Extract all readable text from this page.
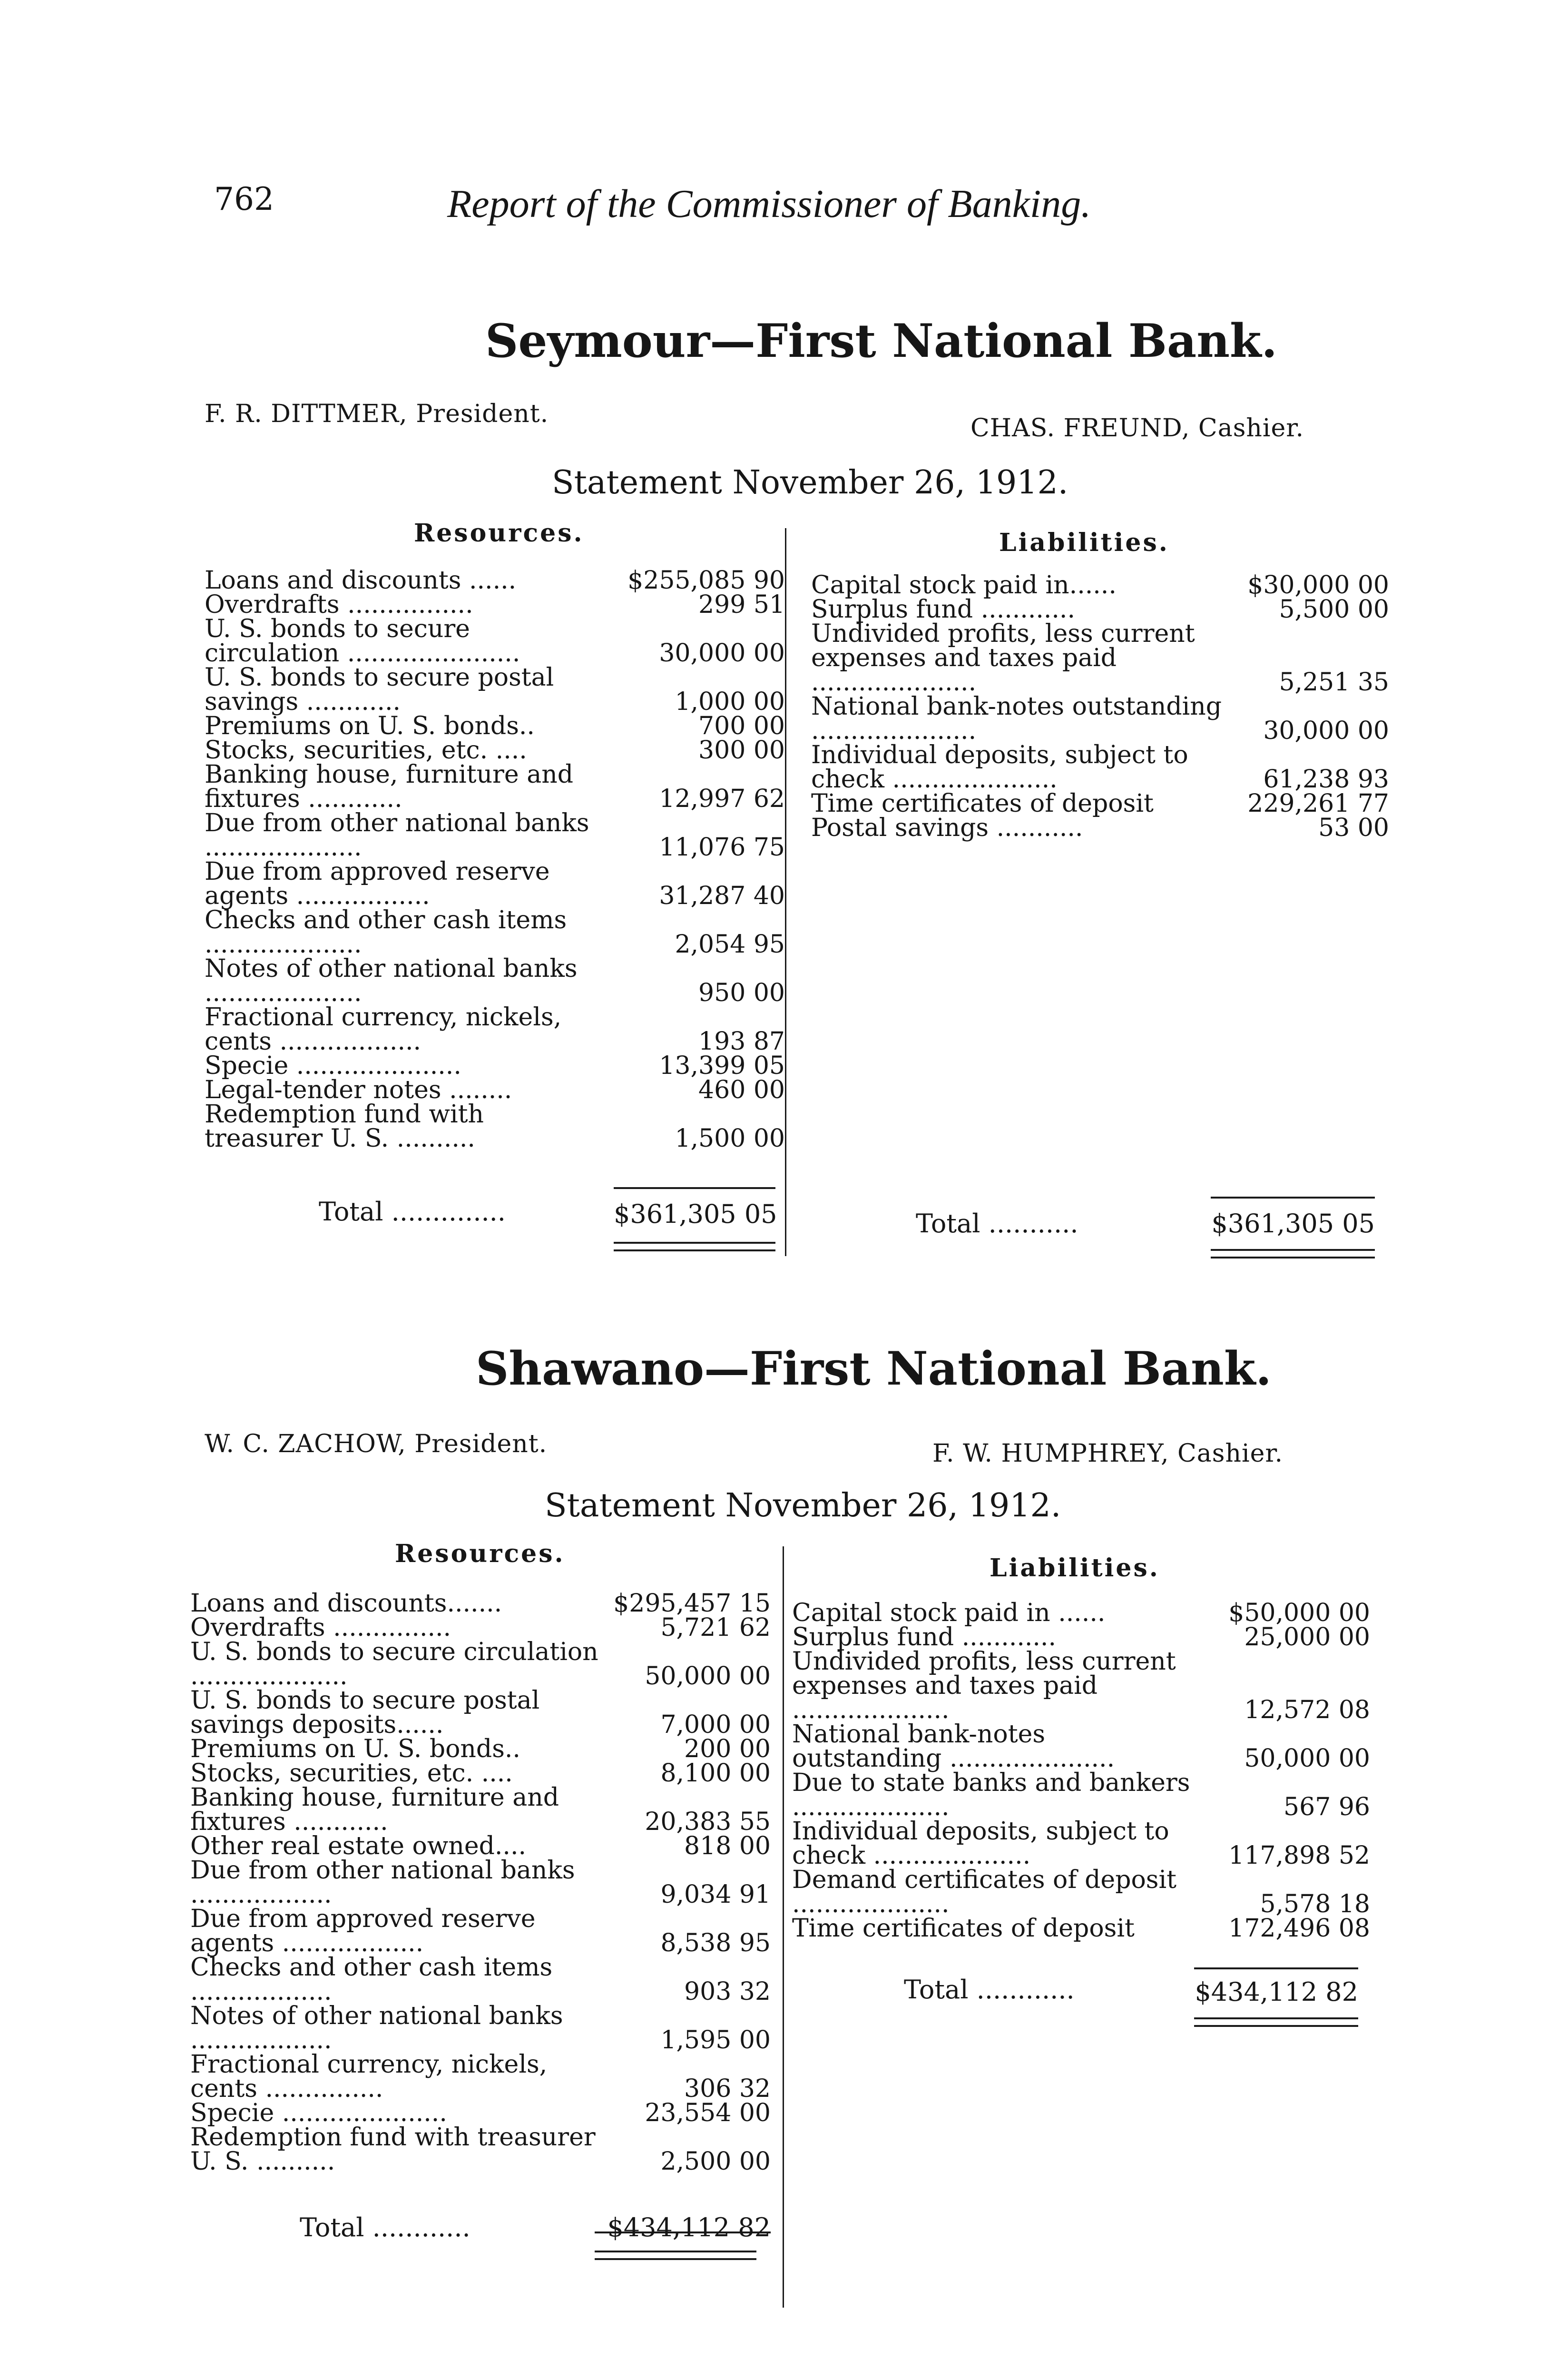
762	Report of the Commissioner of Banking.
Seymour—First National Bank.
F. R. DITTMER, President.	CHAS. FREUND, Cashier.
Statement November 26, 1912.
Resources.	Liabilities.
Loans and discounts ......	$255,085 90
Overdrafts ................	299 51
U. S. bonds to secure circulation ......................	30,000 00
U. S. bonds to secure postal savings ............	1,000 00
Premiums on U. S. bonds..	700 00
Stocks, securities, etc. ....	300 00
Banking house, furniture and fixtures ............	12,997 62
Due from other national banks ....................	11,076 75
Due from approved reserve agents .................	31,287 40
Checks and other cash items ....................	2,054 95
Notes of other national banks ....................	950 00
Fractional currency, nickels, cents ..................	193 87
Specie .....................	13,399 05
Legal-tender notes ........	460 00
Redemption fund with treasurer U. S. ..........	1,500 00
Total ..............	$361,305 05
Capital stock paid in......	$30,000 00
Surplus fund ............	5,500 00
Undivided profits, less current expenses and taxes paid .....................	5,251 35
National bank-notes outstanding .....................	30,000 00
Individual deposits, subject to check .....................	61,238 93
Time certificates of deposit	229,261 77
Postal savings ...........	53 00
Total ...........	$361,305 05
Shawano—First National Bank.
W. C. ZACHOW, President.	F. W. HUMPHREY, Cashier.
Statement November 26, 1912.
Resources.	Liabilities.
Loans and discounts.......	$295,457 15
Overdrafts ...............	5,721 62
U. S. bonds to secure circulation ....................	50,000 00
U. S. bonds to secure postal savings deposits......	7,000 00
Premiums on U. S. bonds..	200 00
Stocks, securities, etc. ....	8,100 00
Banking house, furniture and fixtures ............	20,383 55
Other real estate owned....	818 00
Due from other national banks ..................	9,034 91
Due from approved reserve agents ..................	8,538 95
Checks and other cash items ..................	903 32
Notes of other national banks ..................	1,595 00
Fractional currency, nickels, cents ...............	306 32
Specie .....................	23,554 00
Redemption fund with treasurer U. S. ..........	2,500 00
Total ............	$434,112 82
Capital stock paid in ......	$50,000 00
Surplus fund ............	25,000 00
Undivided profits, less current expenses and taxes paid ....................	12,572 08
National bank-notes outstanding .....................	50,000 00
Due to state banks and bankers ....................	567 96
Individual deposits, subject to check ....................	117,898 52
Demand certificates of deposit ....................	5,578 18
Time certificates of deposit	172,496 08
Total ............	$434,112 82
